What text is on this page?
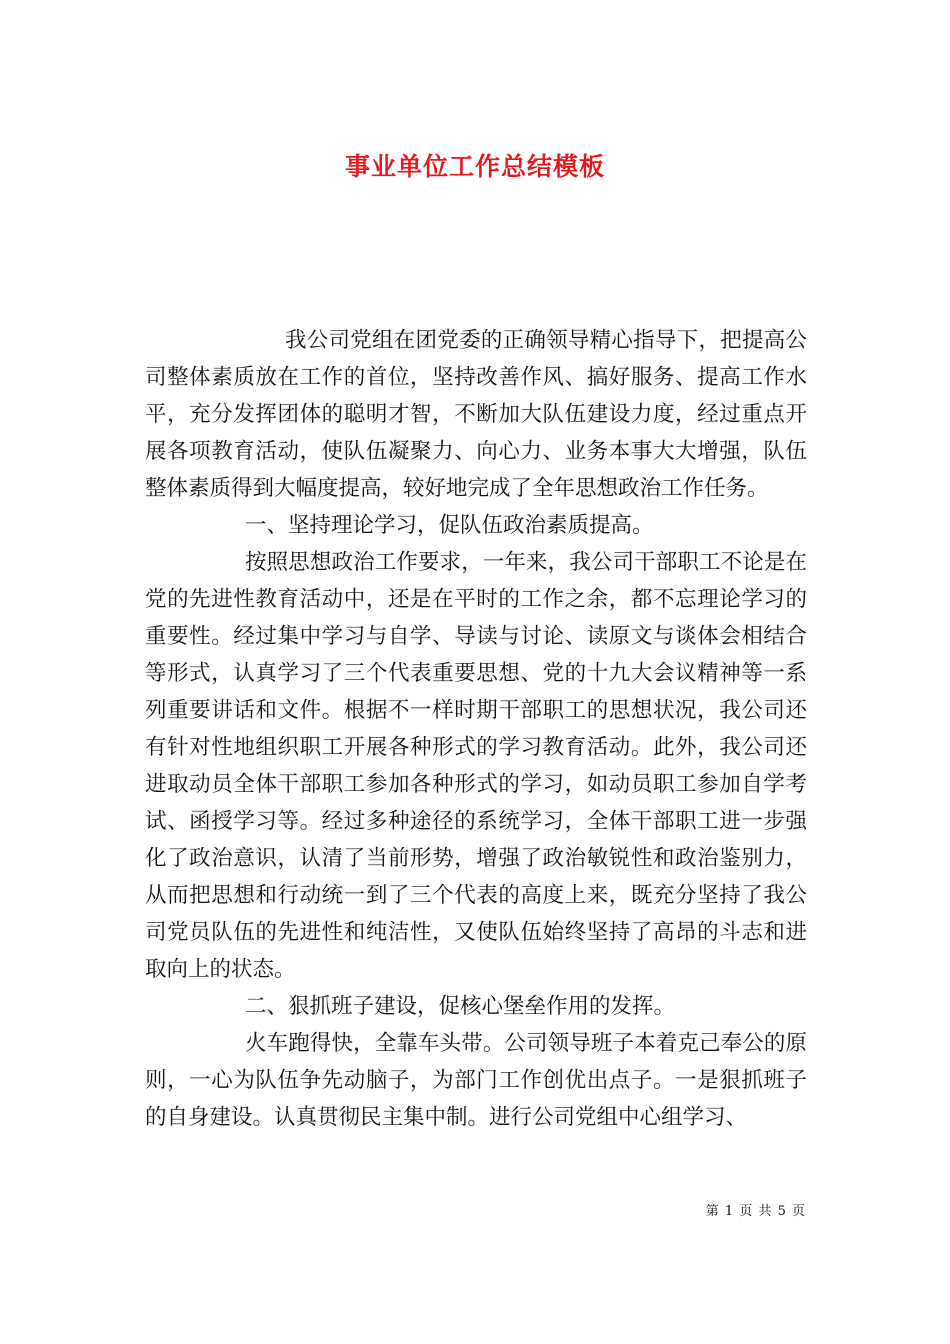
事业单位工作总结模板

我公司党组在团党委的正确领导精心指导下，把提高公司整体素质放在工作的首位，坚持改善作风、搞好服务、提高工作水平，充分发挥团体的聪明才智，不断加大队伍建设力度，经过重点开展各项教育活动，使队伍凝聚力、向心力、业务本事大大增强，队伍整体素质得到大幅度提高，较好地完成了全年思想政治工作任务。

一、坚持理论学习，促队伍政治素质提高。

按照思想政治工作要求，一年来，我公司干部职工不论是在党的先进性教育活动中，还是在平时的工作之余，都不忘理论学习的重要性。经过集中学习与自学、导读与讨论、读原文与谈体会相结合等形式，认真学习了三个代表重要思想、党的十九大会议精神等一系列重要讲话和文件。根据不一样时期干部职工的思想状况，我公司还有针对性地组织职工开展各种形式的学习教育活动。此外，我公司还进取动员全体干部职工参加各种形式的学习，如动员职工参加自学考试、函授学习等。经过多种途径的系统学习，全体干部职工进一步强化了政治意识，认清了当前形势，增强了政治敏锐性和政治鉴别力，从而把思想和行动统一到了三个代表的高度上来，既充分坚持了我公司党员队伍的先进性和纯洁性，又使队伍始终坚持了高昂的斗志和进取向上的状态。

二、狠抓班子建设，促核心堡垒作用的发挥。

火车跑得快，全靠车头带。公司领导班子本着克己奉公的原则，一心为队伍争先动脑子，为部门工作创优出点子。一是狠抓班子的自身建设。认真贯彻民主集中制。进行公司党组中心组学习、

第 1 页 共 5 页
